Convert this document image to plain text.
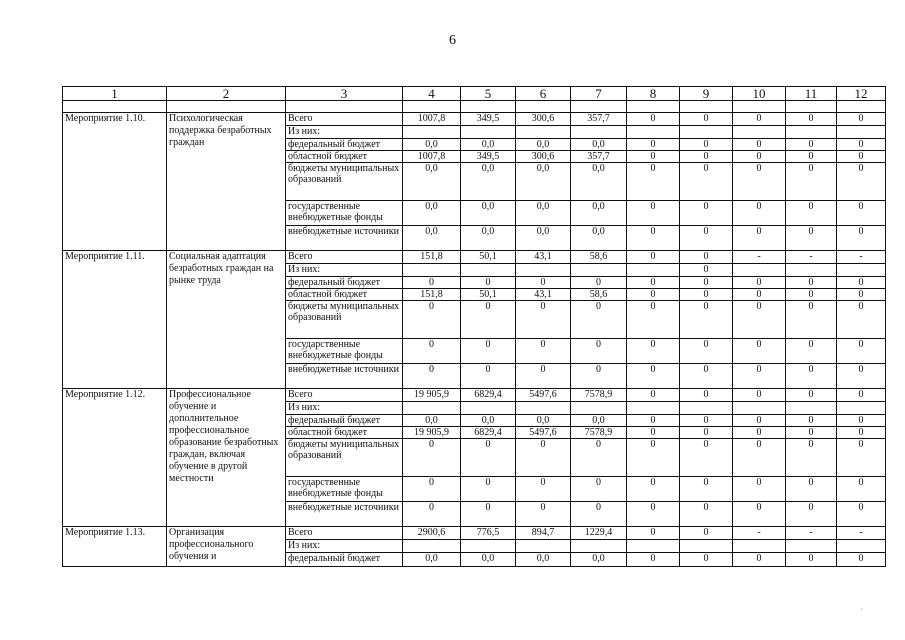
6
1	2	3	4	5	6	7	8	9	10	11	12

Мероприятие 1.10.	Психологическая поддержка безработных граждан	Всего	1007,8	349,5	300,6	357,7	0	0	0	0	0
		Из них:									
		федеральный бюджет	0,0	0,0	0,0	0,0	0	0	0	0	0
		областной бюджет	1007,8	349,5	300,6	357,7	0	0	0	0	0
		бюджеты муниципальных образований	0,0	0,0	0,0	0,0	0	0	0	0	0
		государственные внебюджетные фонды	0,0	0,0	0,0	0,0	0	0	0	0	0
		внебюджетные источники	0,0	0,0	0,0	0,0	0	0	0	0	0
Мероприятие 1.11.	Социальная адаптация безработных граждан на рынке труда	Всего	151,8	50,1	43,1	58,6	0	0	-	-	-
		Из них:						0			
		федеральный бюджет	0	0	0	0	0	0	0	0	0
		областной бюджет	151,8	50,1	43,1	58,6	0	0	0	0	0
		бюджеты муниципальных образований	0	0	0	0	0	0	0	0	0
		государственные внебюджетные фонды	0	0	0	0	0	0	0	0	0
		внебюджетные источники	0	0	0	0	0	0	0	0	0
Мероприятие 1.12.	Профессиональное обучение и дополнительное профессиональное образование безработных граждан, включая обучение в другой местности	Всего	19 905,9	6829,4	5497,6	7578,9	0	0	0	0	0
		Из них:									
		федеральный бюджет	0,0	0,0	0,0	0,0	0	0	0	0	0
		областной бюджет	19 905,9	6829,4	5497,6	7578,9	0	0	0	0	0
		бюджеты муниципальных образований	0	0	0	0	0	0	0	0	0
		государственные внебюджетные фонды	0	0	0	0	0	0	0	0	0
		внебюджетные источники	0	0	0	0	0	0	0	0	0
Мероприятие 1.13.	Организация профессионального обучения и	Всего	2900,6	776,5	894,7	1229,4	0	0	-	-	-
		Из них:									
		федеральный бюджет	0,0	0,0	0,0	0,0	0	0	0	0	0
·
